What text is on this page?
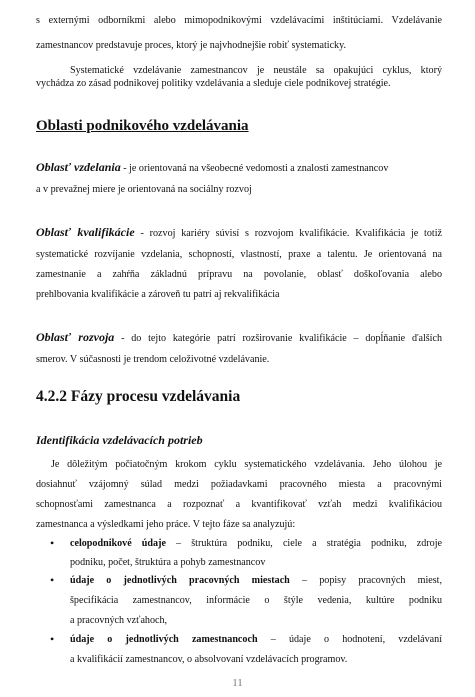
s externými odborníkmi alebo mimopodnikovými vzdelávacími inštitúciami. Vzdelávanie
zamestnancov predstavuje proces, ktorý je najvhodnejšie robiť systematicky.
Systematické vzdelávanie zamestnancov je neustále sa opakujúci cyklus, ktorý
vychádza zo zásad podnikovej politiky vzdelávania a sleduje ciele podnikovej stratégie.
Oblasti podnikového vzdelávania
Oblasť vzdelania - je orientovaná na všeobecné vedomosti a znalosti zamestnancov
a v prevažnej miere je orientovaná na sociálny rozvoj
Oblasť kvalifikácie - rozvoj kariéry súvisí s rozvojom kvalifikácie. Kvalifikácia je totiž
systematické rozvíjanie vzdelania, schopností, vlastností, praxe a talentu. Je orientovaná na
zamestnanie a zahŕňa základnú prípravu na povolanie, oblasť doškoľovania alebo
prehlbovania kvalifikácie a zároveň tu patrí aj rekvalifikácia
Oblasť rozvoja - do tejto kategórie patrí rozširovanie kvalifikácie – dopĺňanie ďalších
smerov. V súčasnosti je trendom celoživotné vzdelávanie.
4.2.2 Fázy procesu vzdelávania
Identifikácia vzdelávacích potrieb
Je dôležitým počiatočným krokom cyklu systematického vzdelávania. Jeho úlohou je
dosiahnuť vzájomný súlad medzi požiadavkami pracovného miesta a pracovnými
schopnosťami zamestnanca a rozpoznať a kvantifikovať vzťah medzi kvalifikáciou
zamestnanca a výsledkami jeho práce. V tejto fáze sa analyzujú:
• celopodnikové údaje – štruktúra podniku, ciele a stratégia podniku, zdroje
podniku, počet, štruktúra a pohyb zamestnancov
• údaje o jednotlivých pracovných miestach – popisy pracovných miest,
špecifikácia zamestnancov, informácie o štýle vedenia, kultúre podniku
a pracovných vzťahoch,
• údaje o jednotlivých zamestnancoch – údaje o hodnotení, vzdelávaní
a kvalifikácií zamestnancov, o absolvovaní vzdelávacích programov.
11
